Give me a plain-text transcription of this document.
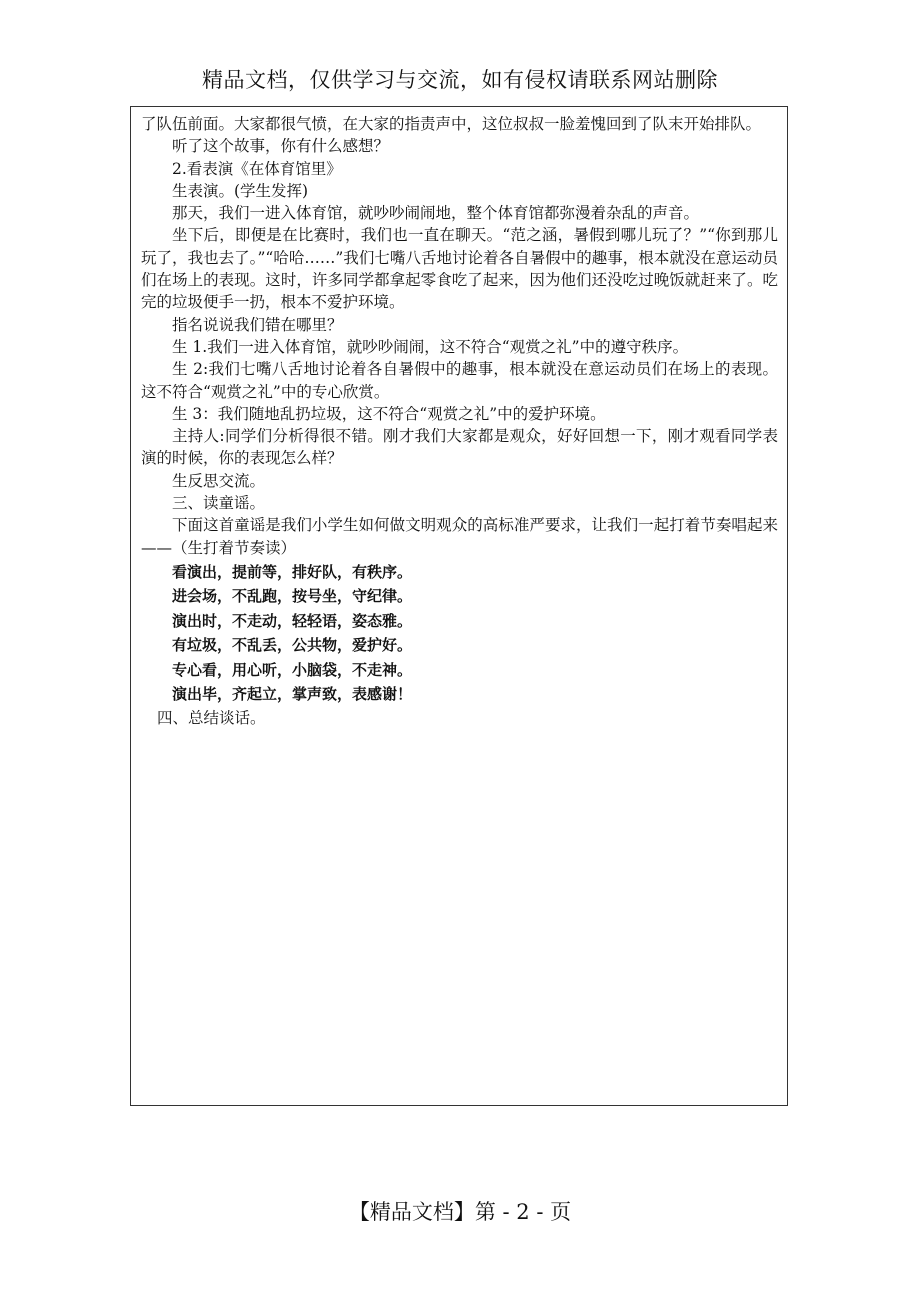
精品文档，仅供学习与交流，如有侵权请联系网站删除

了队伍前面。大家都很气愤，在大家的指责声中，这位叔叔一脸羞愧回到了队末开始排队。

听了这个故事，你有什么感想？

2.看表演《在体育馆里》

生表演。(学生发挥)

那天，我们一进入体育馆，就吵吵闹闹地，整个体育馆都弥漫着杂乱的声音。

坐下后，即便是在比赛时，我们也一直在聊天。“范之涵，暑假到哪儿玩了？”“你到那儿玩了，我也去了。”“哈哈……”我们七嘴八舌地讨论着各自暑假中的趣事，根本就没在意运动员们在场上的表现。这时，许多同学都拿起零食吃了起来，因为他们还没吃过晚饭就赶来了。吃完的垃圾便手一扔，根本不爱护环境。

指名说说我们错在哪里？

生 1.我们一进入体育馆，就吵吵闹闹，这不符合“观赏之礼”中的遵守秩序。

生 2:我们七嘴八舌地讨论着各自暑假中的趣事，根本就没在意运动员们在场上的表现。这不符合“观赏之礼”中的专心欣赏。

生 3：我们随地乱扔垃圾，这不符合“观赏之礼”中的爱护环境。

主持人:同学们分析得很不错。刚才我们大家都是观众，好好回想一下，刚才观看同学表演的时候，你的表现怎么样？

生反思交流。

三、读童谣。

下面这首童谣是我们小学生如何做文明观众的高标准严要求，让我们一起打着节奏唱起来——（生打着节奏读）

看演出，提前等，排好队，有秩序。

进会场，不乱跑，按号坐，守纪律。

演出时，不走动，轻轻语，姿态雅。

有垃圾，不乱丢，公共物，爱护好。

专心看，用心听，小脑袋，不走神。

演出毕，齐起立，掌声致，表感谢！

四、总结谈话。

【精品文档】第 - 2 - 页
